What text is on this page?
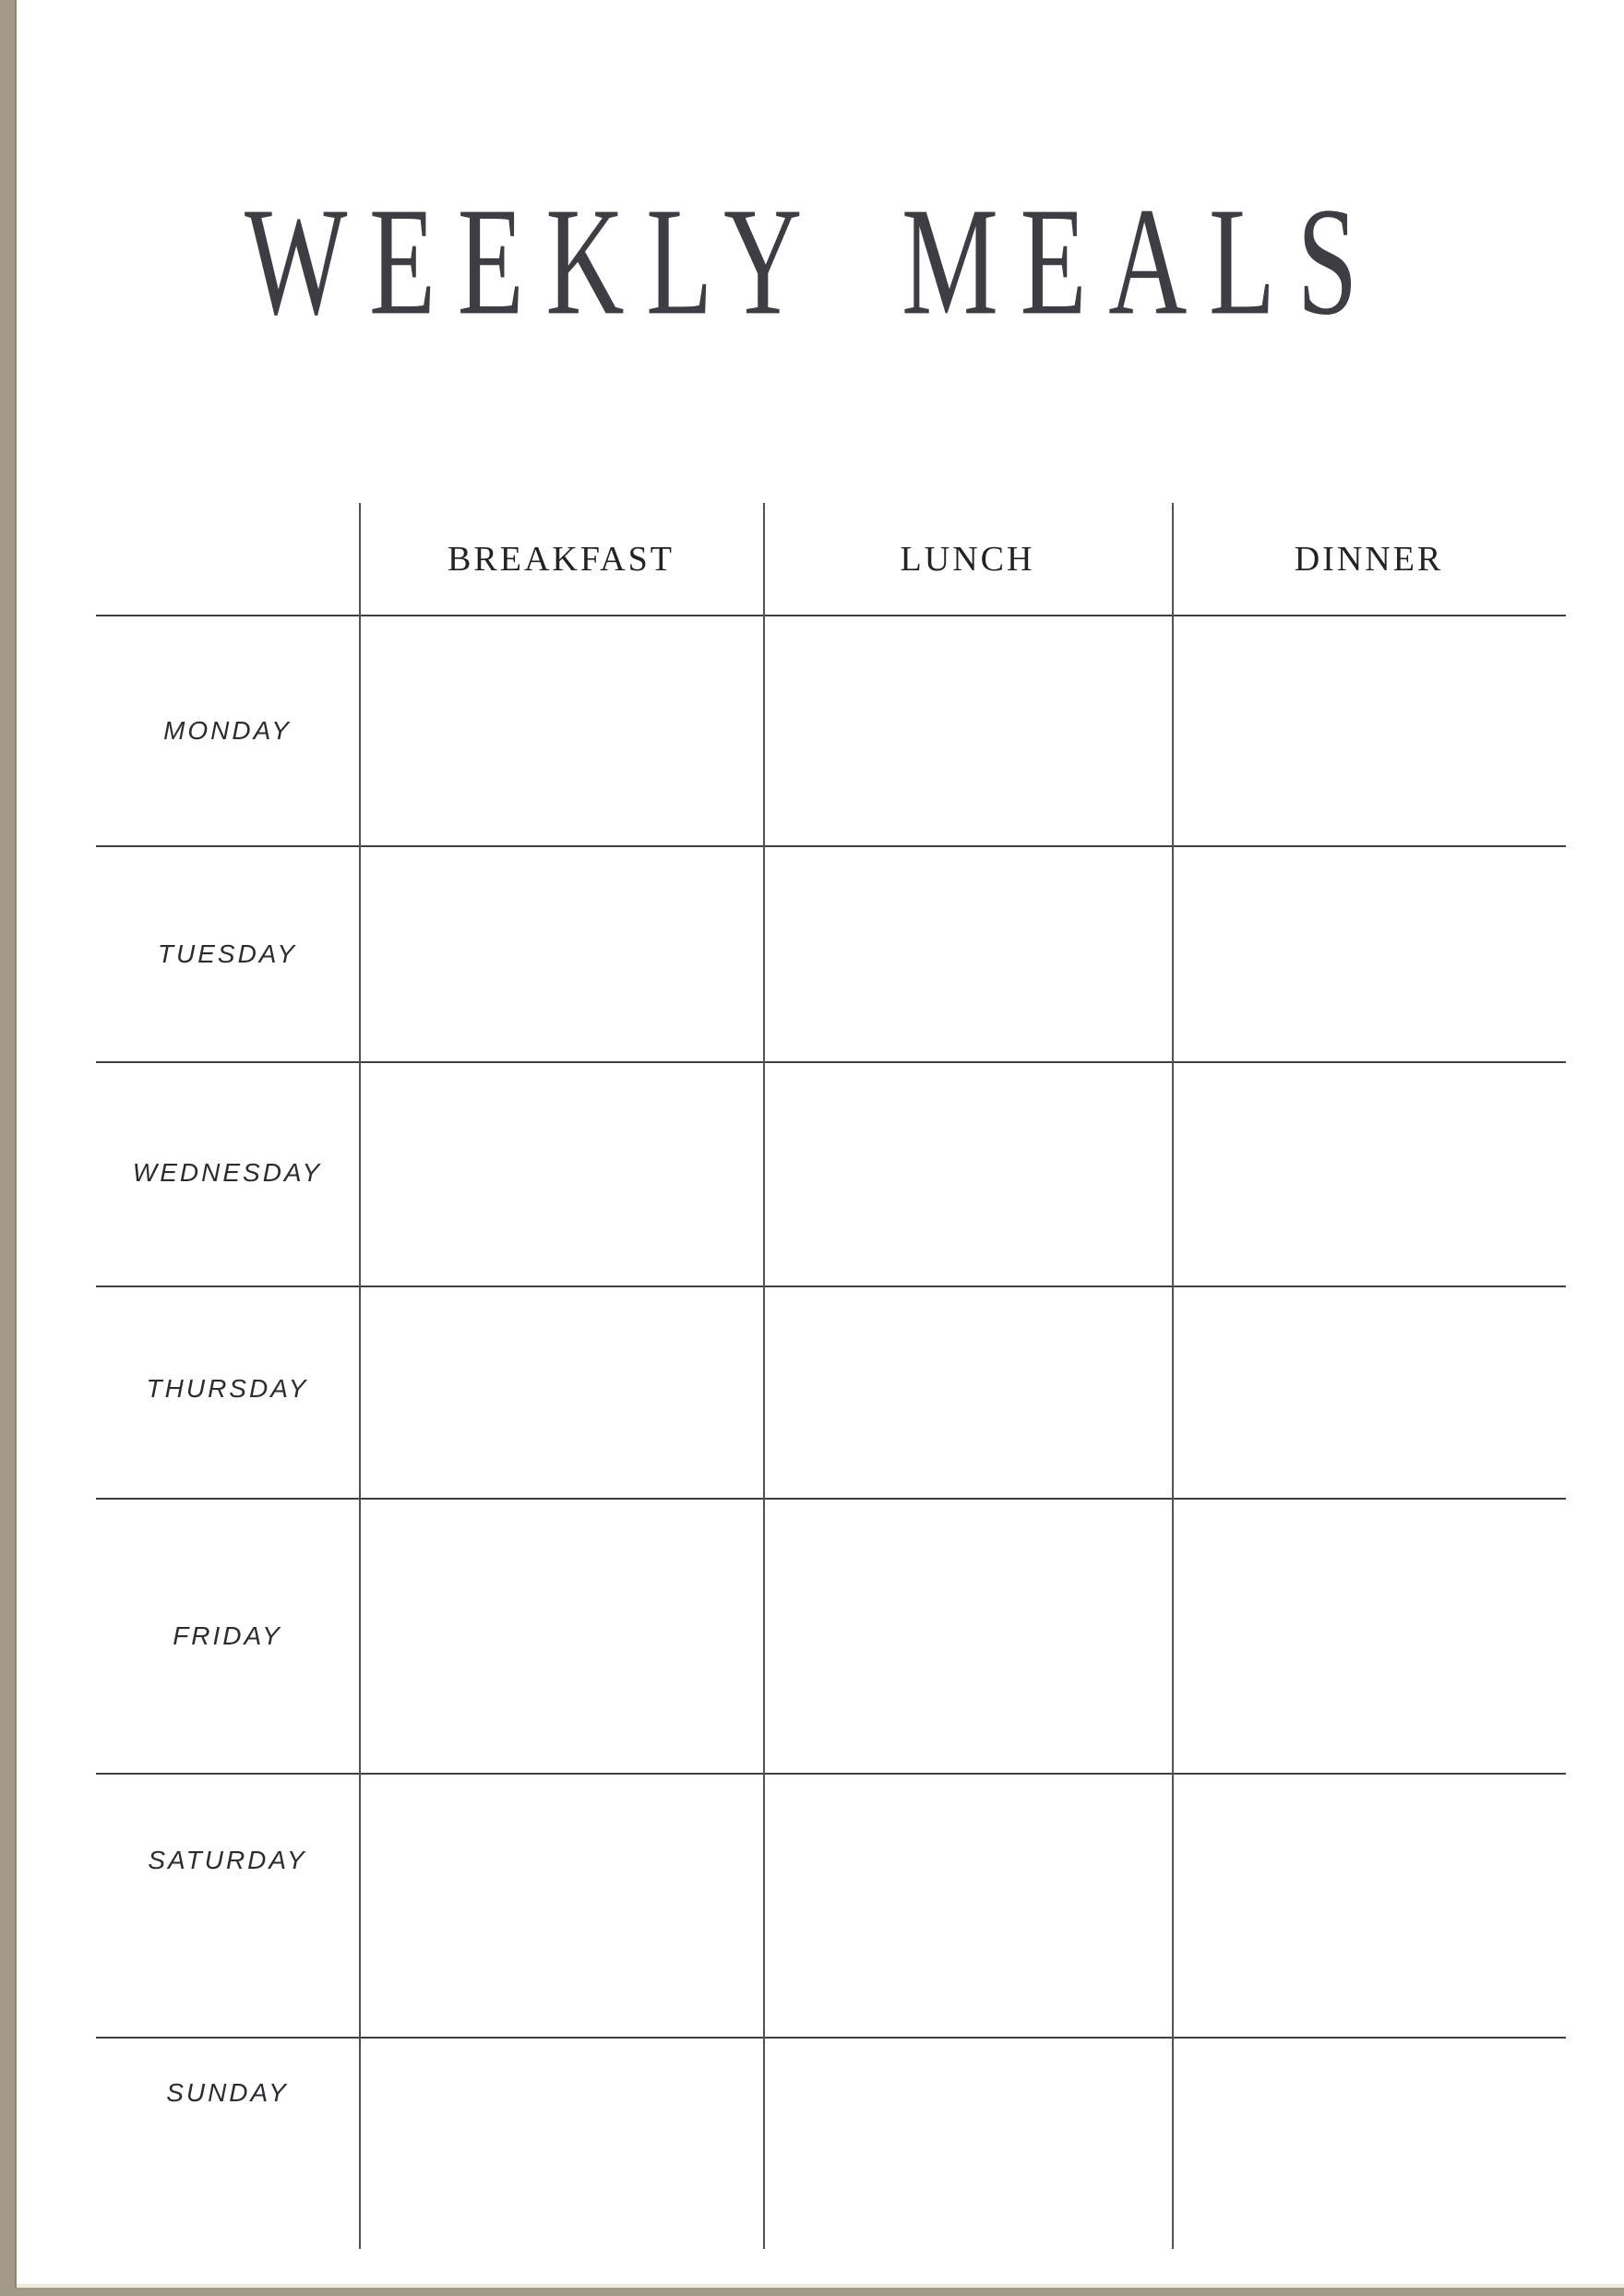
WEEKLY MEALS
BREAKFAST	LUNCH	DINNER
MONDAY
TUESDAY
WEDNESDAY
THURSDAY
FRIDAY
SATURDAY
SUNDAY
